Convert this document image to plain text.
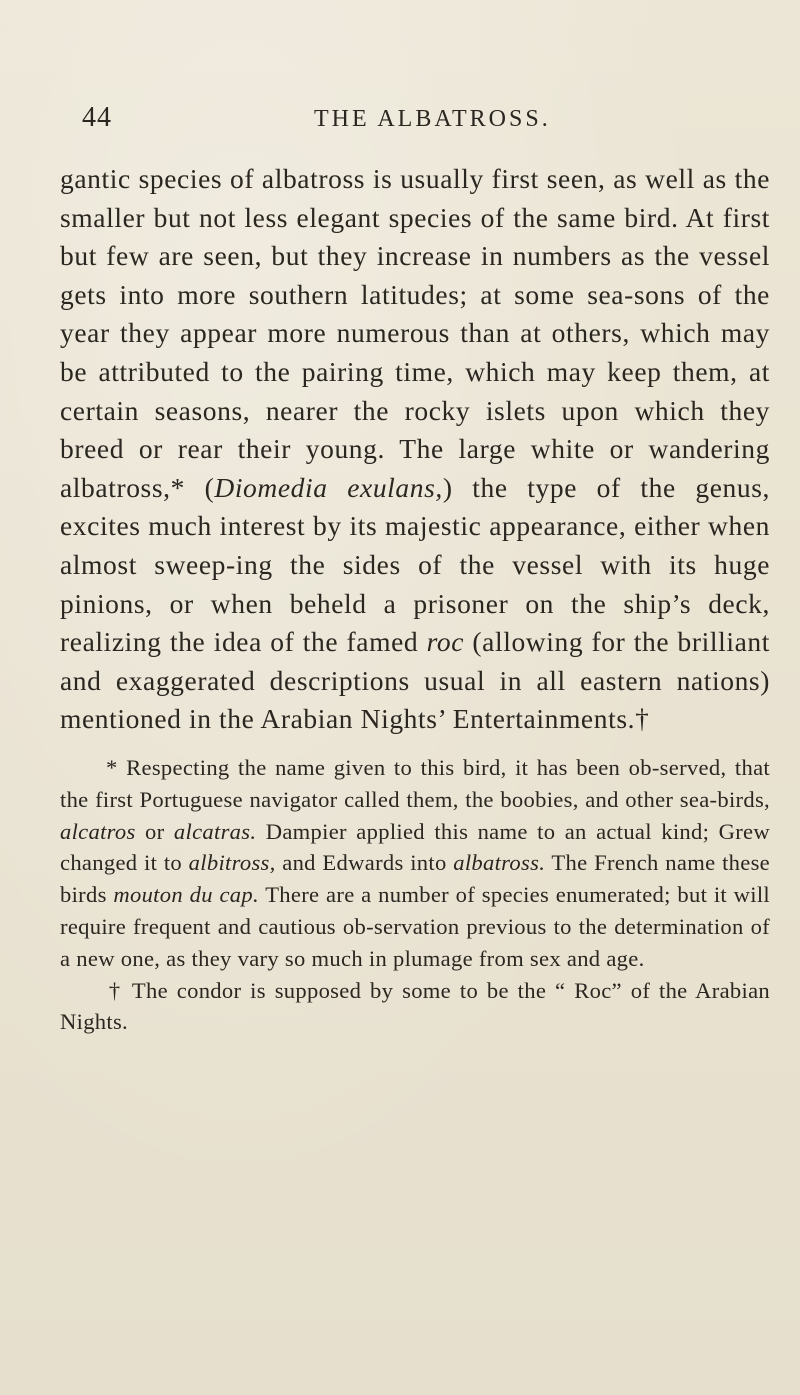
44	THE ALBATROSS.

gantic species of albatross is usually first seen, as well as the smaller but not less elegant species of the same bird. At first but few are seen, but they increase in numbers as the vessel gets into more southern latitudes; at some sea-sons of the year they appear more numerous than at others, which may be attributed to the pairing time, which may keep them, at certain seasons, nearer the rocky islets upon which they breed or rear their young. The large white or wandering albatross,* (Diomedia exulans,) the type of the genus, excites much interest by its majestic appearance, either when almost sweep-ing the sides of the vessel with its huge pinions, or when beheld a prisoner on the ship’s deck, realizing the idea of the famed roc (allowing for the brilliant and exaggerated descriptions usual in all eastern nations) mentioned in the Arabian Nights’ Entertainments.†

* Respecting the name given to this bird, it has been ob-served, that the first Portuguese navigator called them, the boobies, and other sea-birds, alcatros or alcatras. Dampier applied this name to an actual kind; Grew changed it to albitross, and Edwards into albatross. The French name these birds mouton du cap. There are a number of species enumerated; but it will require frequent and cautious ob-servation previous to the determination of a new one, as they vary so much in plumage from sex and age.

† The condor is supposed by some to be the “ Roc” of the Arabian Nights.
